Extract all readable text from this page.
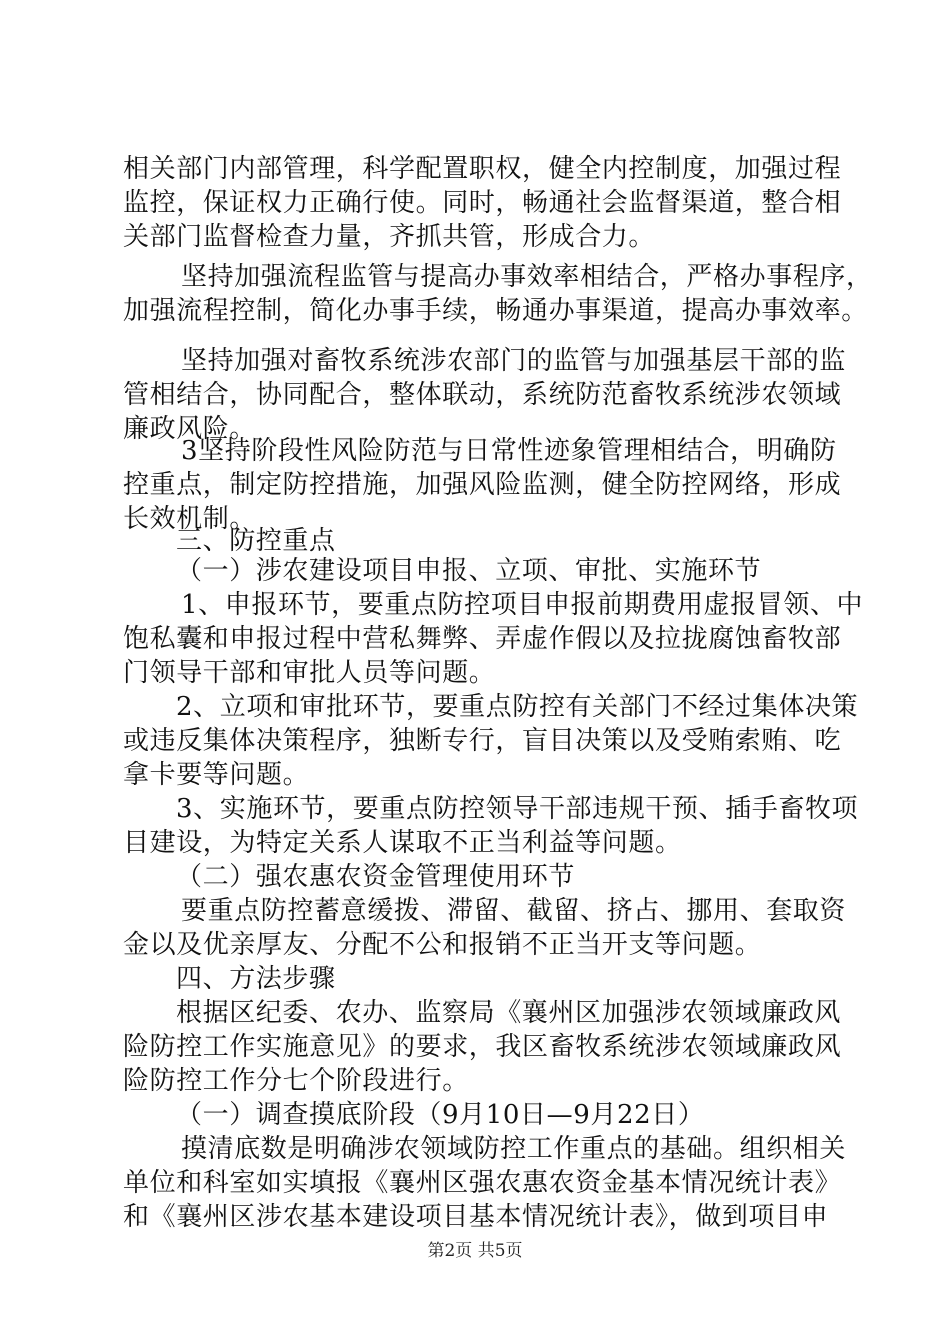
相关部门内部管理，科学配置职权，健全内控制度，加强过程
监控，保证权力正确行使。同时，畅通社会监督渠道，整合相
关部门监督检查力量，齐抓共管，形成合力。
坚持加强流程监管与提高办事效率相结合，严格办事程序，
加强流程控制，简化办事手续，畅通办事渠道，提高办事效率。
坚持加强对畜牧系统涉农部门的监管与加强基层干部的监
管相结合，协同配合，整体联动，系统防范畜牧系统涉农领域
廉政风险。
3坚持阶段性风险防范与日常性迹象管理相结合，明确防
控重点，制定防控措施，加强风险监测，健全防控网络，形成
长效机制。
三、防控重点
（一）涉农建设项目申报、立项、审批、实施环节
1、申报环节，要重点防控项目申报前期费用虚报冒领、中
饱私囊和申报过程中营私舞弊、弄虚作假以及拉拢腐蚀畜牧部
门领导干部和审批人员等问题。
2、立项和审批环节，要重点防控有关部门不经过集体决策
或违反集体决策程序，独断专行，盲目决策以及受贿索贿、吃
拿卡要等问题。
3、实施环节，要重点防控领导干部违规干预、插手畜牧项
目建设，为特定关系人谋取不正当利益等问题。
（二）强农惠农资金管理使用环节
要重点防控蓄意缓拨、滞留、截留、挤占、挪用、套取资
金以及优亲厚友、分配不公和报销不正当开支等问题。
四、方法步骤
根据区纪委、农办、监察局《襄州区加强涉农领域廉政风
险防控工作实施意见》的要求，我区畜牧系统涉农领域廉政风
险防控工作分七个阶段进行。
（一）调查摸底阶段（9月10日—9月22日）
摸清底数是明确涉农领域防控工作重点的基础。组织相关
单位和科室如实填报《襄州区强农惠农资金基本情况统计表》
和《襄州区涉农基本建设项目基本情况统计表》，做到项目申
第2页 共5页
